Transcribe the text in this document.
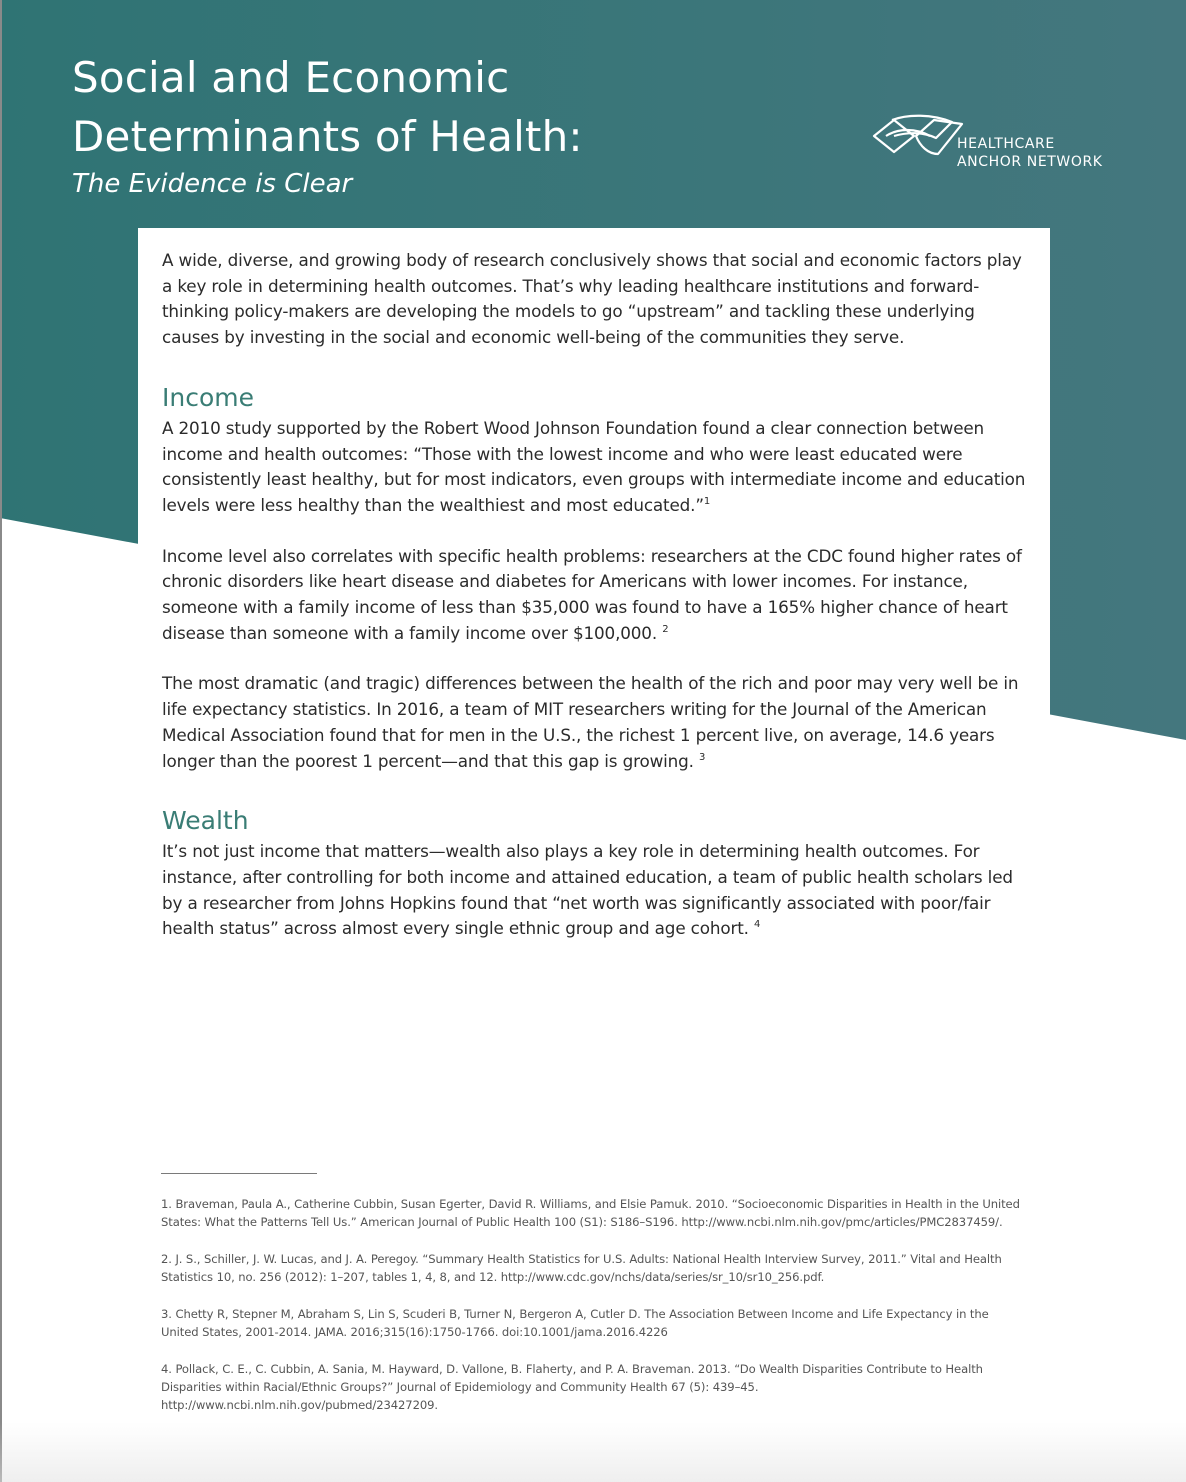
Social and Economic
Determinants of Health:
The Evidence is Clear
HEALTHCARE
ANCHOR NETWORK

A wide, diverse, and growing body of research conclusively shows that social and economic factors play a key role in determining health outcomes. That’s why leading healthcare institutions and forward-thinking policy-makers are developing the models to go “upstream” and tackling these underlying causes by investing in the social and economic well-being of the communities they serve.

Income

A 2010 study supported by the Robert Wood Johnson Foundation found a clear connection between income and health outcomes: “Those with the lowest income and who were least educated were consistently least healthy, but for most indicators, even groups with intermediate income and education levels were less healthy than the wealthiest and most educated.”$^1$

Income level also correlates with specific health problems: researchers at the CDC found higher rates of chronic disorders like heart disease and diabetes for Americans with lower incomes. For instance, someone with a family income of less than $35,000 was found to have a 165% higher chance of heart disease than someone with a family income over $100,000. $^2$

The most dramatic (and tragic) differences between the health of the rich and poor may very well be in life expectancy statistics. In 2016, a team of MIT researchers writing for the Journal of the American Medical Association found that for men in the U.S., the richest 1 percent live, on average, 14.6 years longer than the poorest 1 percent—and that this gap is growing. $^3$

Wealth

It’s not just income that matters—wealth also plays a key role in determining health outcomes. For instance, after controlling for both income and attained education, a team of public health scholars led by a researcher from Johns Hopkins found that “net worth was significantly associated with poor/fair health status” across almost every single ethnic group and age cohort. $^4$

1. Braveman, Paula A., Catherine Cubbin, Susan Egerter, David R. Williams, and Elsie Pamuk. 2010. “Socioeconomic Disparities in Health in the United States: What the Patterns Tell Us.” American Journal of Public Health 100 (S1): S186–S196. http://www.ncbi.nlm.nih.gov/pmc/articles/PMC2837459/.

2. J. S., Schiller, J. W. Lucas, and J. A. Peregoy. “Summary Health Statistics for U.S. Adults: National Health Interview Survey, 2011.” Vital and Health Statistics 10, no. 256 (2012): 1–207, tables 1, 4, 8, and 12. http://www.cdc.gov/nchs/data/series/sr_10/sr10_256.pdf.

3. Chetty R, Stepner M, Abraham S, Lin S, Scuderi B, Turner N, Bergeron A, Cutler D. The Association Between Income and Life Expectancy in the United States, 2001-2014. JAMA. 2016;315(16):1750-1766. doi:10.1001/jama.2016.4226

4. Pollack, C. E., C. Cubbin, A. Sania, M. Hayward, D. Vallone, B. Flaherty, and P. A. Braveman. 2013. “Do Wealth Disparities Contribute to Health Disparities within Racial/Ethnic Groups?” Journal of Epidemiology and Community Health 67 (5): 439–45. http://www.ncbi.nlm.nih.gov/pubmed/23427209.
